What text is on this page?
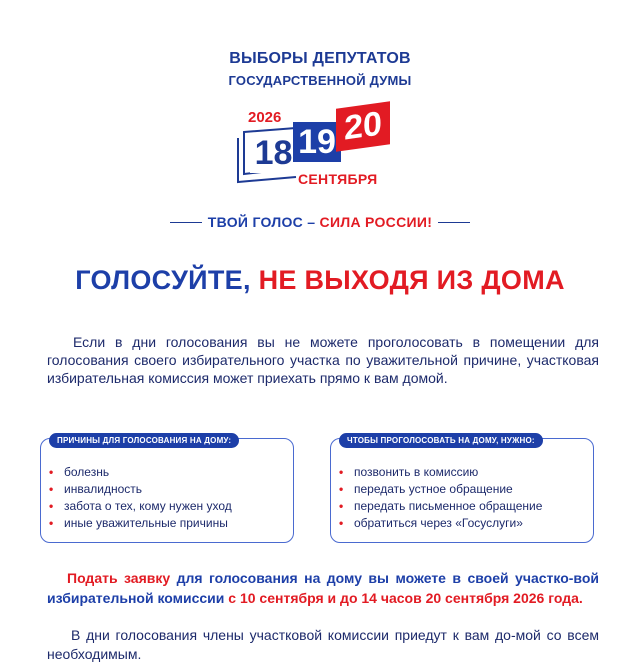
ВЫБОРЫ ДЕПУТАТОВ
ГОСУДАРСТВЕННОЙ ДУМЫ
2026
18 19 20
СЕНТЯБРЯ
ТВОЙ ГОЛОС – СИЛА РОССИИ!
ГОЛОСУЙТЕ, НЕ ВЫХОДЯ ИЗ ДОМА
Если в дни голосования вы не можете проголосовать в помещении для голосования своего избирательного участка по уважительной причине, участковая избирательная комиссия может приехать прямо к вам домой.
ПРИЧИНЫ ДЛЯ ГОЛОСОВАНИЯ НА ДОМУ:
• болезнь
• инвалидность
• забота о тех, кому нужен уход
• иные уважительные причины
ЧТОБЫ ПРОГОЛОСОВАТЬ НА ДОМУ, НУЖНО:
• позвонить в комиссию
• передать устное обращение
• передать письменное обращение
• обратиться через «Госуслуги»
Подать заявку для голосования на дому вы можете в своей участко-вой избирательной комиссии с 10 сентября и до 14 часов 20 сентября 2026 года.
В дни голосования члены участковой комиссии приедут к вам до-мой со всем необходимым.
